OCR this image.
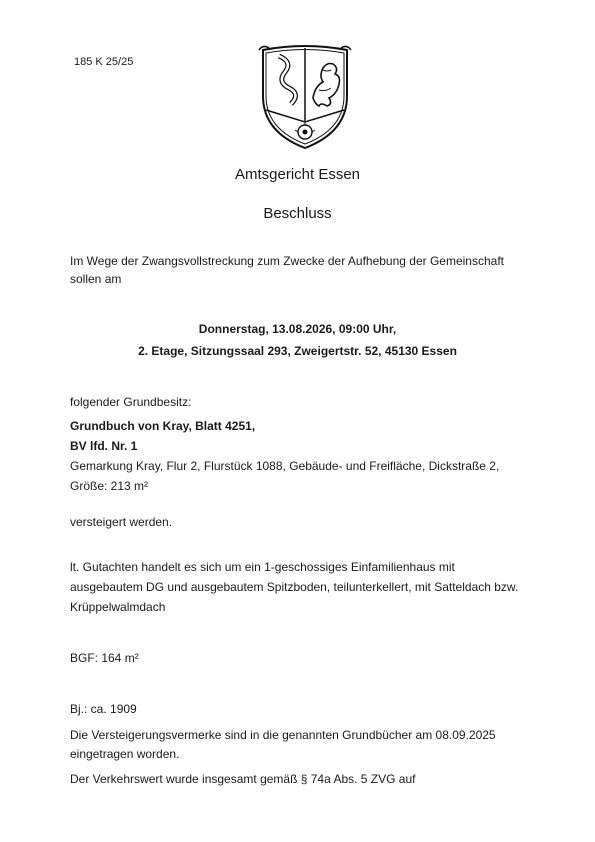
185 K 25/25
Amtsgericht Essen
Beschluss
Im Wege der Zwangsvollstreckung zum Zwecke der Aufhebung der Gemeinschaft
sollen am
Donnerstag, 13.08.2026, 09:00 Uhr,
2. Etage, Sitzungssaal 293, Zweigertstr. 52, 45130 Essen
folgender Grundbesitz:
Grundbuch von Kray, Blatt 4251,
BV lfd. Nr. 1
Gemarkung Kray, Flur 2, Flurstück 1088, Gebäude- und Freifläche, Dickstraße 2,
Größe: 213 m²
versteigert werden.
lt. Gutachten handelt es sich um ein 1-geschossiges Einfamilienhaus mit
ausgebautem DG und ausgebautem Spitzboden, teilunterkellert, mit Satteldach bzw.
Krüppelwalmdach
BGF: 164 m²
Bj.: ca. 1909
Die Versteigerungsvermerke sind in die genannten Grundbücher am 08.09.2025
eingetragen worden.
Der Verkehrswert wurde insgesamt gemäß § 74a Abs. 5 ZVG auf
